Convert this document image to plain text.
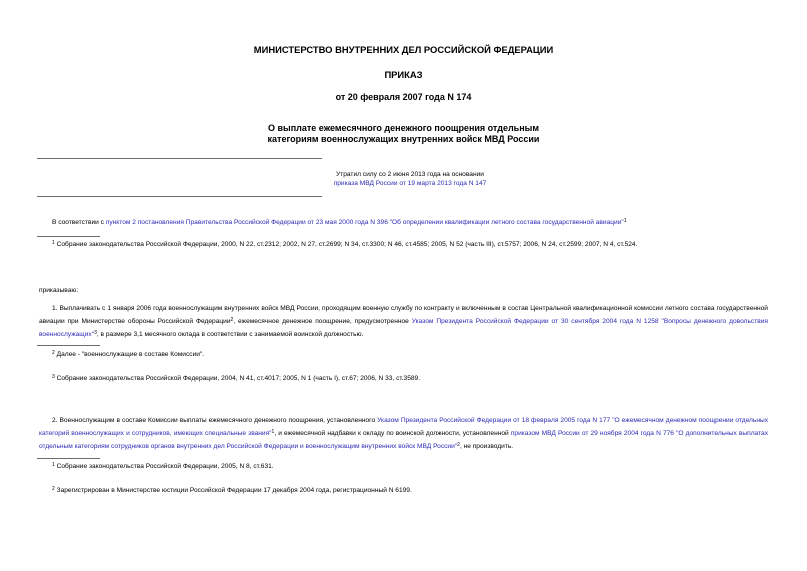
МИНИСТЕРСТВО ВНУТРЕННИХ ДЕЛ РОССИЙСКОЙ ФЕДЕРАЦИИ
ПРИКАЗ
от 20 февраля 2007 года N 174
О выплате ежемесячного денежного поощрения отдельным
категориям военнослужащих внутренних войск МВД России
Утратил силу со 2 июня 2013 года на основании
приказа МВД России от 19 марта 2013 года N 147
В соответствии с пунктом 2 постановления Правительства Российской Федерации от 23 мая 2000 года N 396 "Об определении квалификации летного состава государственной авиации"$^1$
$^1$ Собрание законодательства Российской Федерации, 2000, N 22, ст.2312; 2002, N 27, ст.2699; N 34, ст.3300; N 46, ст.4585; 2005, N 52 (часть III), ст.5757; 2006, N 24, ст.2599; 2007, N 4, ст.524.
приказываю:
1. Выплачивать с 1 января 2006 года военнослужащим внутренних войск МВД России, проходящим военную службу по контракту и включенным в состав Центральной квалификационной комиссии летного состава государственной авиации при Министерстве обороны Российской Федерации$^2$, ежемесячное денежное поощрение, предусмотренное Указом Президента Российской Федерации от 30 сентября 2004 года N 1258 "Вопросы денежного довольствия военнослужащих"$^3$, в размере 3,1 месячного оклада в соответствии с занимаемой воинской должностью.
$^2$ Далее - "военнослужащие в составе Комиссии".
$^3$ Собрание законодательства Российской Федерации, 2004, N 41, ст.4017; 2005, N 1 (часть I), ст.67; 2006, N 33, ст.3589.
2. Военнослужащим в составе Комиссии выплаты ежемесячного денежного поощрения, установленного Указом Президента Российской Федерации от 18 февраля 2005 года N 177 "О ежемесячном денежном поощрении отдельных категорий военнослужащих и сотрудников, имеющих специальные звания"$^1$, и ежемесячной надбавки к окладу по воинской должности, установленной приказом МВД России от 29 ноября 2004 года N 776 "О дополнительных выплатах отдельным категориям сотрудников органов внутренних дел Российской Федерации и военнослужащим внутренних войск МВД России"$^2$, не производить.
$^1$ Собрание законодательства Российской Федерации, 2005, N 8, ст.631.
$^2$ Зарегистрирован в Министерстве юстиции Российской Федерации 17 декабря 2004 года, регистрационный N 6199.
